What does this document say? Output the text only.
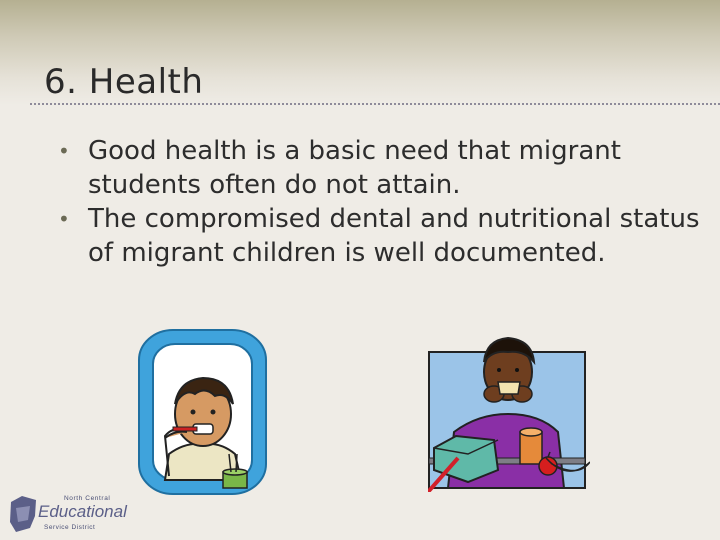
6. Health
• Good health is a basic need that migrant students often do not attain.
• The compromised dental and nutritional status of migrant children is well documented.
North Central
Educational
Service District
